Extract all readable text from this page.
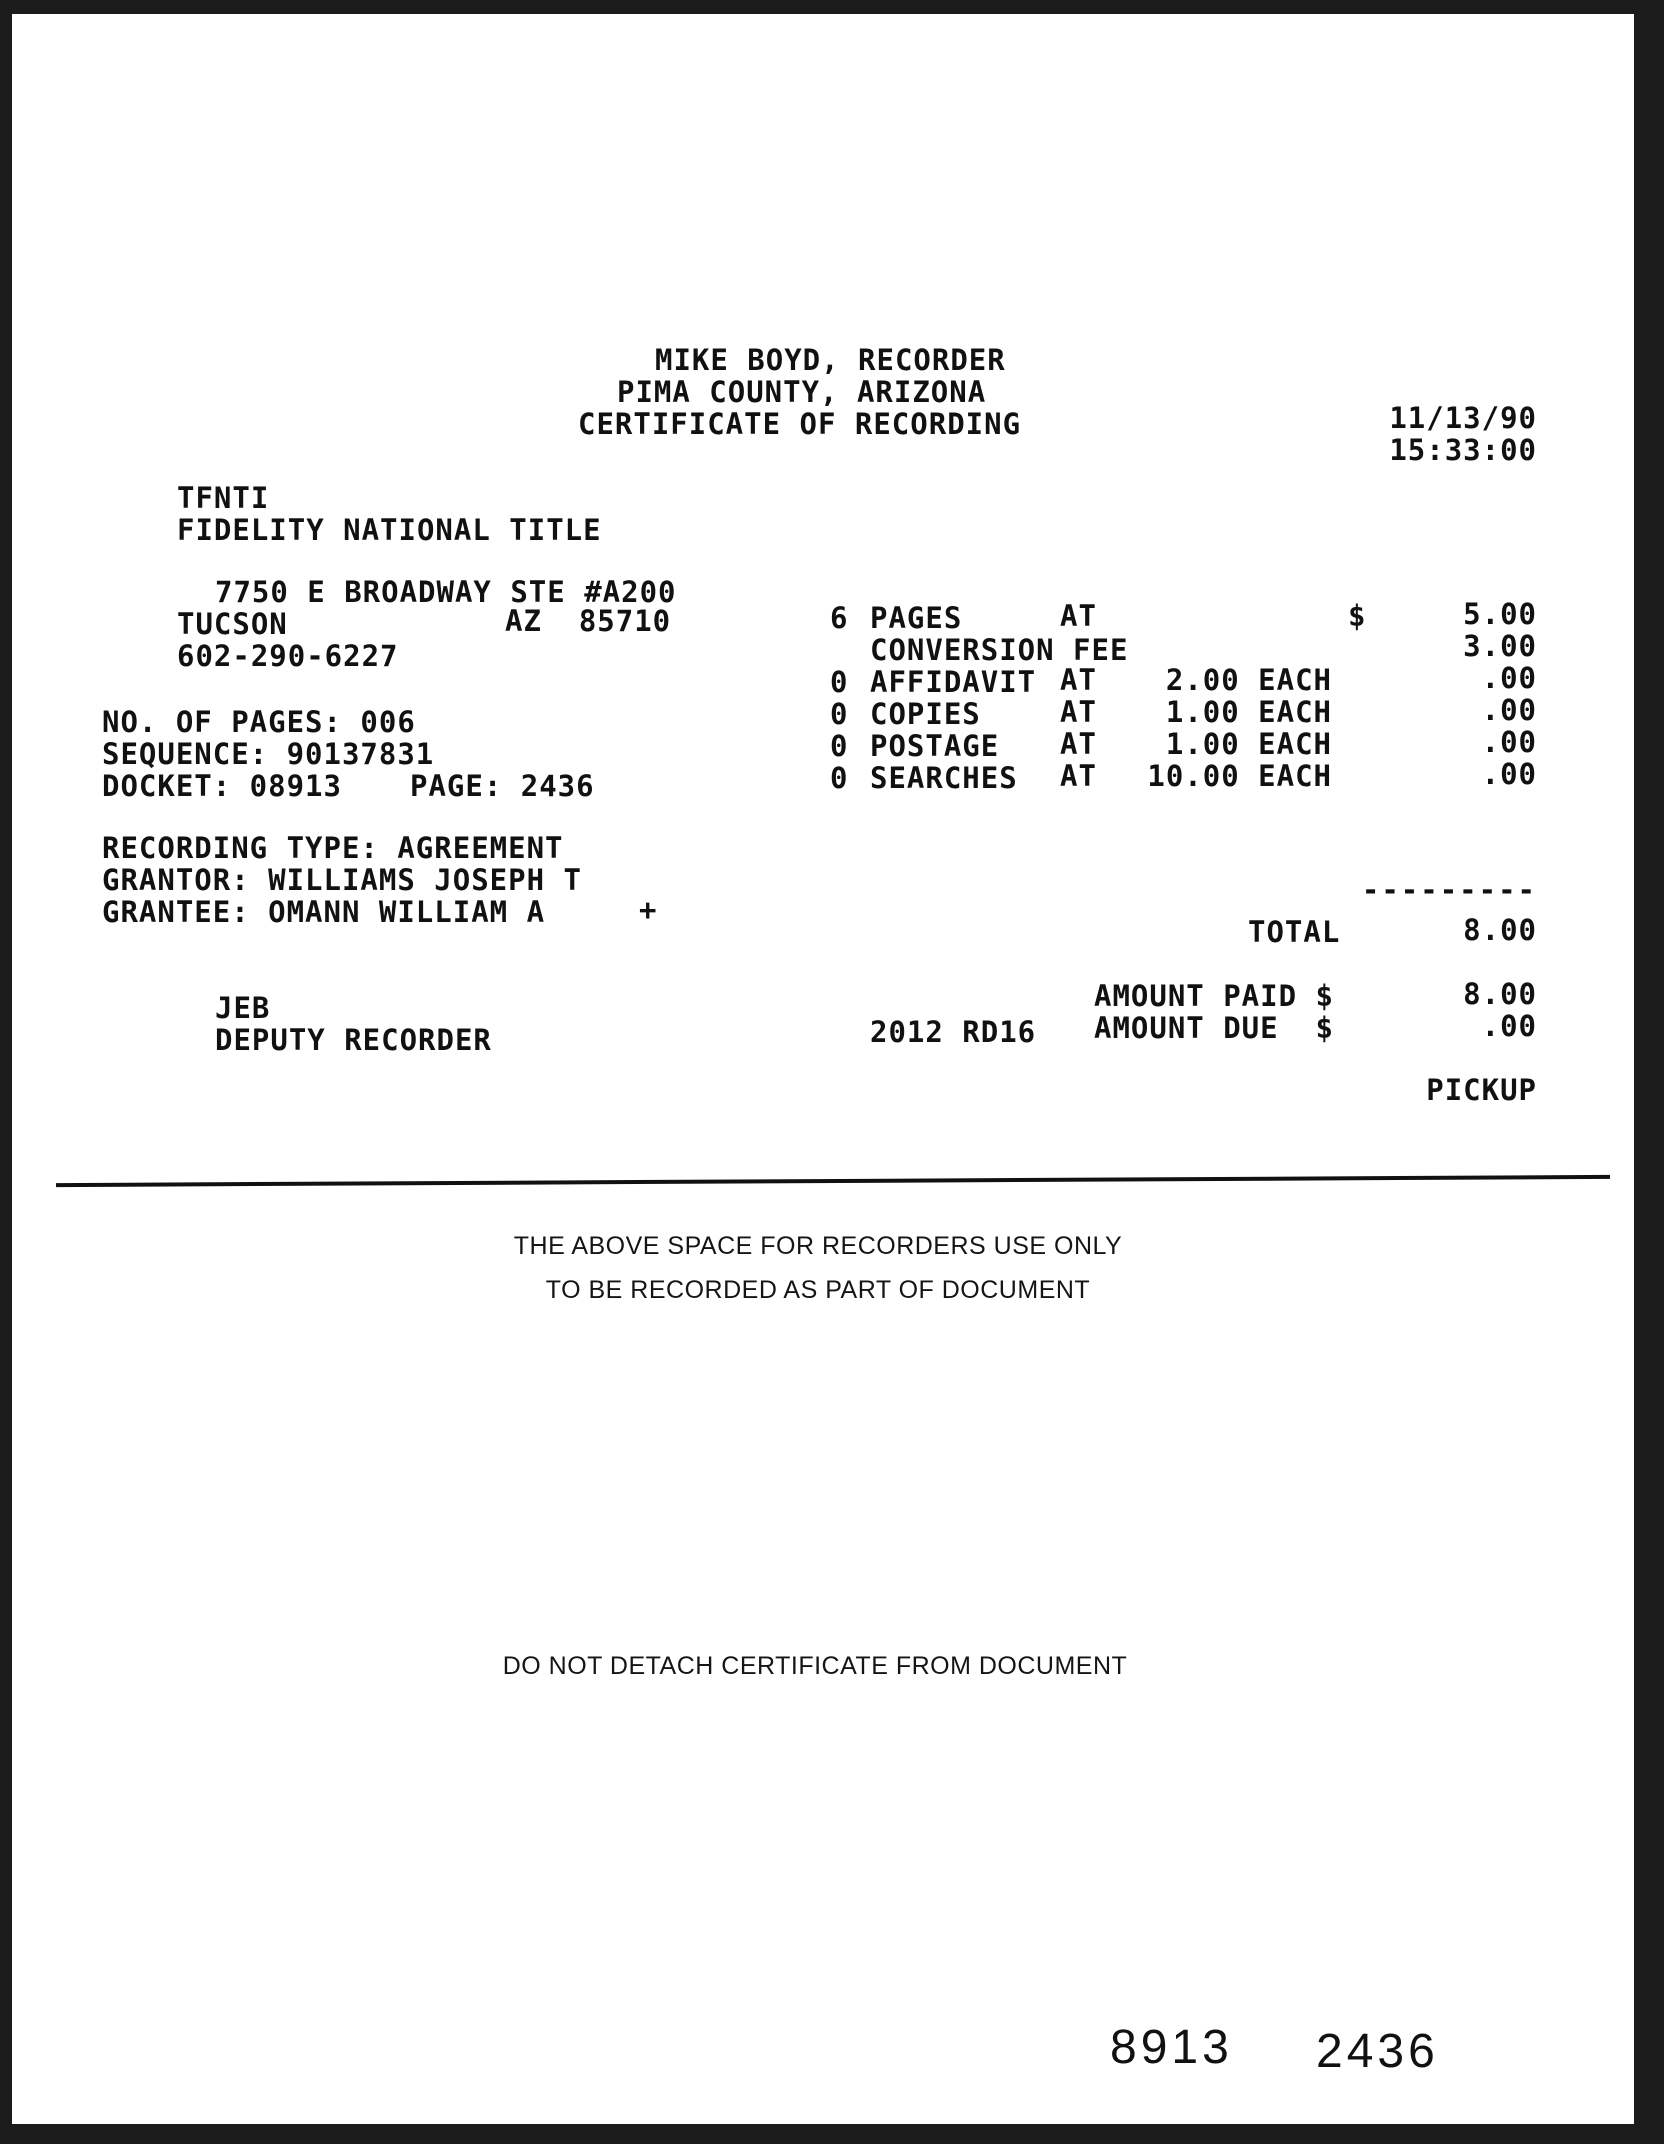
MIKE BOYD, RECORDER
PIMA COUNTY, ARIZONA
CERTIFICATE OF RECORDING	11/13/90
15:33:00
TFNTI
FIDELITY NATIONAL TITLE
7750 E BROADWAY STE #A200
TUCSON	AZ  85710
602-290-6227
NO. OF PAGES: 006
SEQUENCE: 90137831
DOCKET: 08913 PAGE: 2436
RECORDING TYPE: AGREEMENT
GRANTOR: WILLIAMS JOSEPH T
GRANTEE: OMANN WILLIAM A	+
6 PAGES	AT	$	5.00
CONVERSION FEE	3.00
0 AFFIDAVIT AT	2.00 EACH	.00
0 COPIES	AT	1.00 EACH	.00
0 POSTAGE AT	1.00 EACH	.00
0 SEARCHES AT	10.00 EACH	.00
---------
TOTAL	8.00
AMOUNT PAID $	8.00
2012 RD16 AMOUNT DUE  $	.00
PICKUP
JEB
DEPUTY RECORDER
THE ABOVE SPACE FOR RECORDERS USE ONLY
TO BE RECORDED AS PART OF DOCUMENT
DO NOT DETACH CERTIFICATE FROM DOCUMENT
8913 2436
